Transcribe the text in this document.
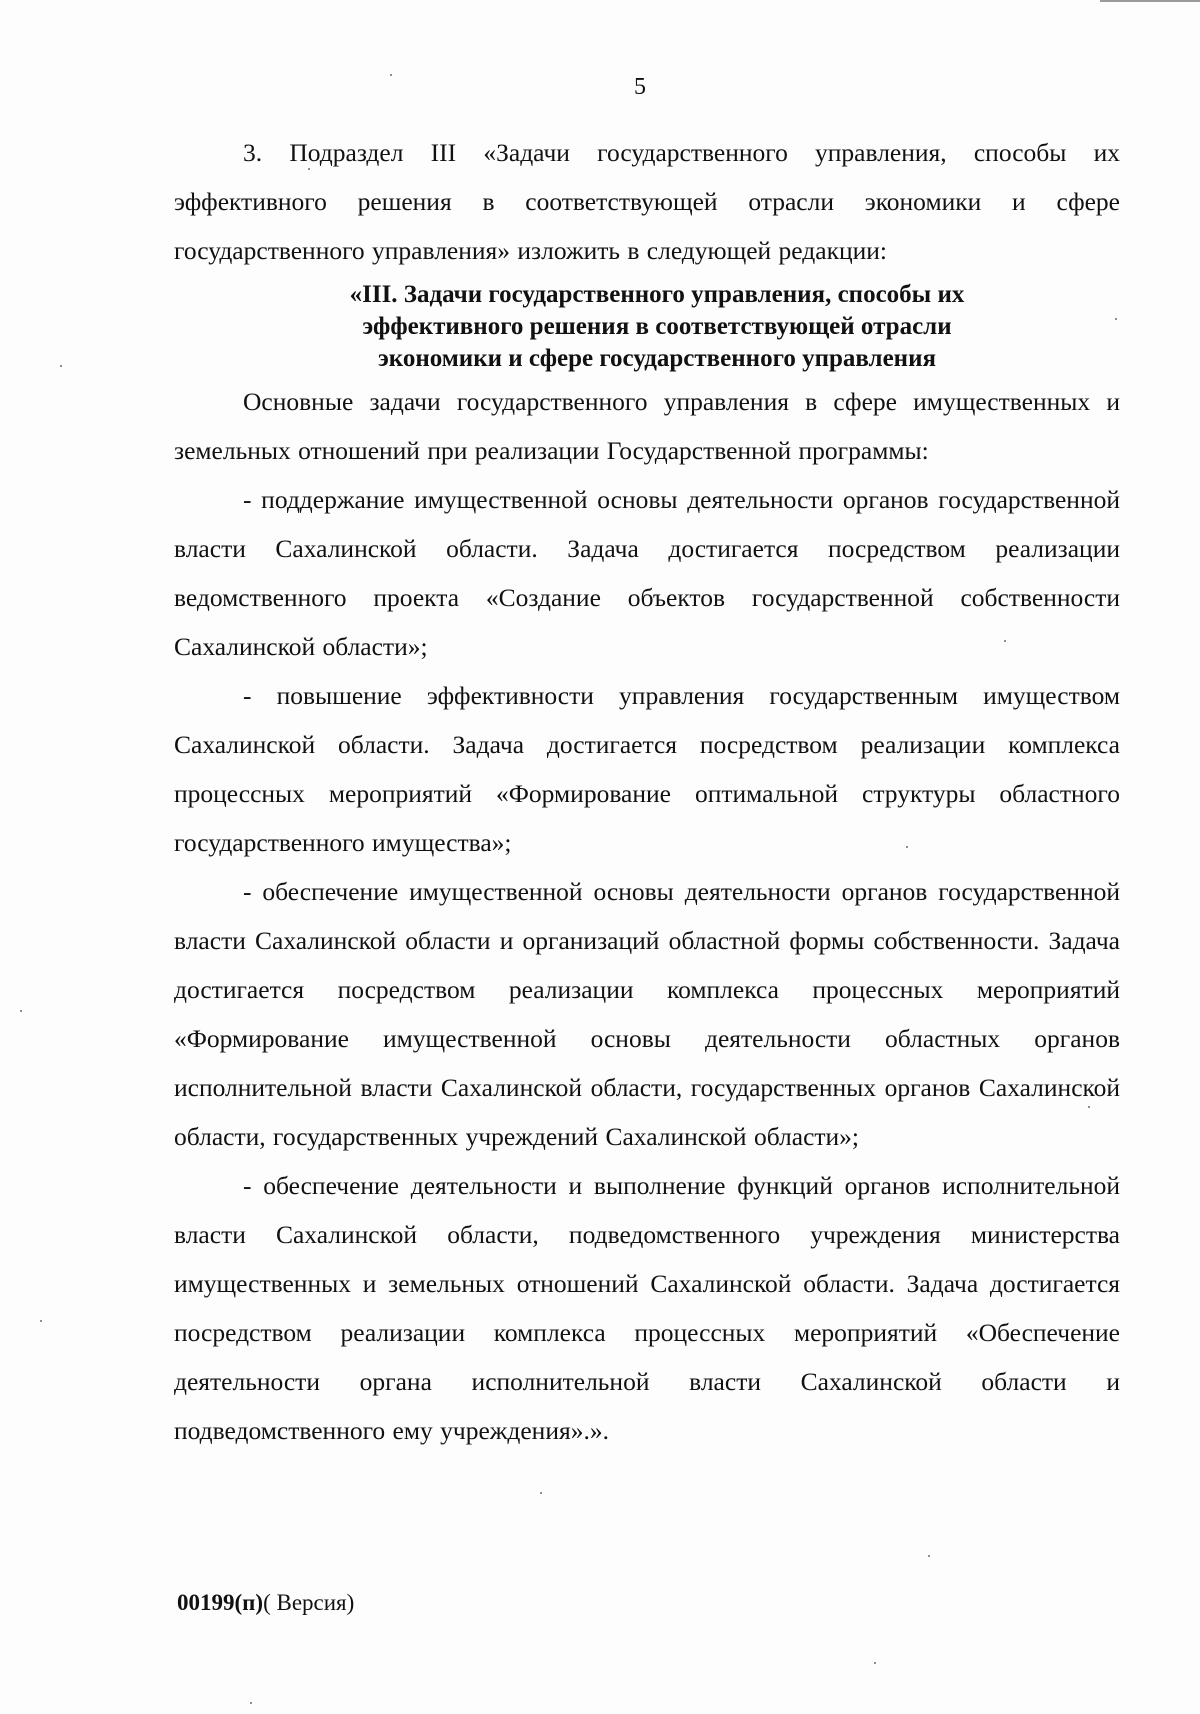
5

3. Подраздел III «Задачи государственного управления, способы их эффективного решения в соответствующей отрасли экономики и сфере государственного управления» изложить в следующей редакции:

«III. Задачи государственного управления, способы их
эффективного решения в соответствующей отрасли
экономики и сфере государственного управления

Основные задачи государственного управления в сфере имущественных и земельных отношений при реализации Государственной программы:

- поддержание имущественной основы деятельности органов государственной власти Сахалинской области. Задача достигается посредством реализации ведомственного проекта «Создание объектов государственной собственности Сахалинской области»;

- повышение эффективности управления государственным имуществом Сахалинской области. Задача достигается посредством реализации комплекса процессных мероприятий «Формирование оптимальной структуры областного государственного имущества»;

- обеспечение имущественной основы деятельности органов государственной власти Сахалинской области и организаций областной формы собственности. Задача достигается посредством реализации комплекса процессных мероприятий «Формирование имущественной основы деятельности областных органов исполнительной власти Сахалинской области, государственных органов Сахалинской области, государственных учреждений Сахалинской области»;

- обеспечение деятельности и выполнение функций органов исполнительной власти Сахалинской области, подведомственного учреждения министерства имущественных и земельных отношений Сахалинской области. Задача достигается посредством реализации комплекса процессных мероприятий «Обеспечение деятельности органа исполнительной власти Сахалинской области и подведомственного ему учреждения».».

00199(п)( Версия)
